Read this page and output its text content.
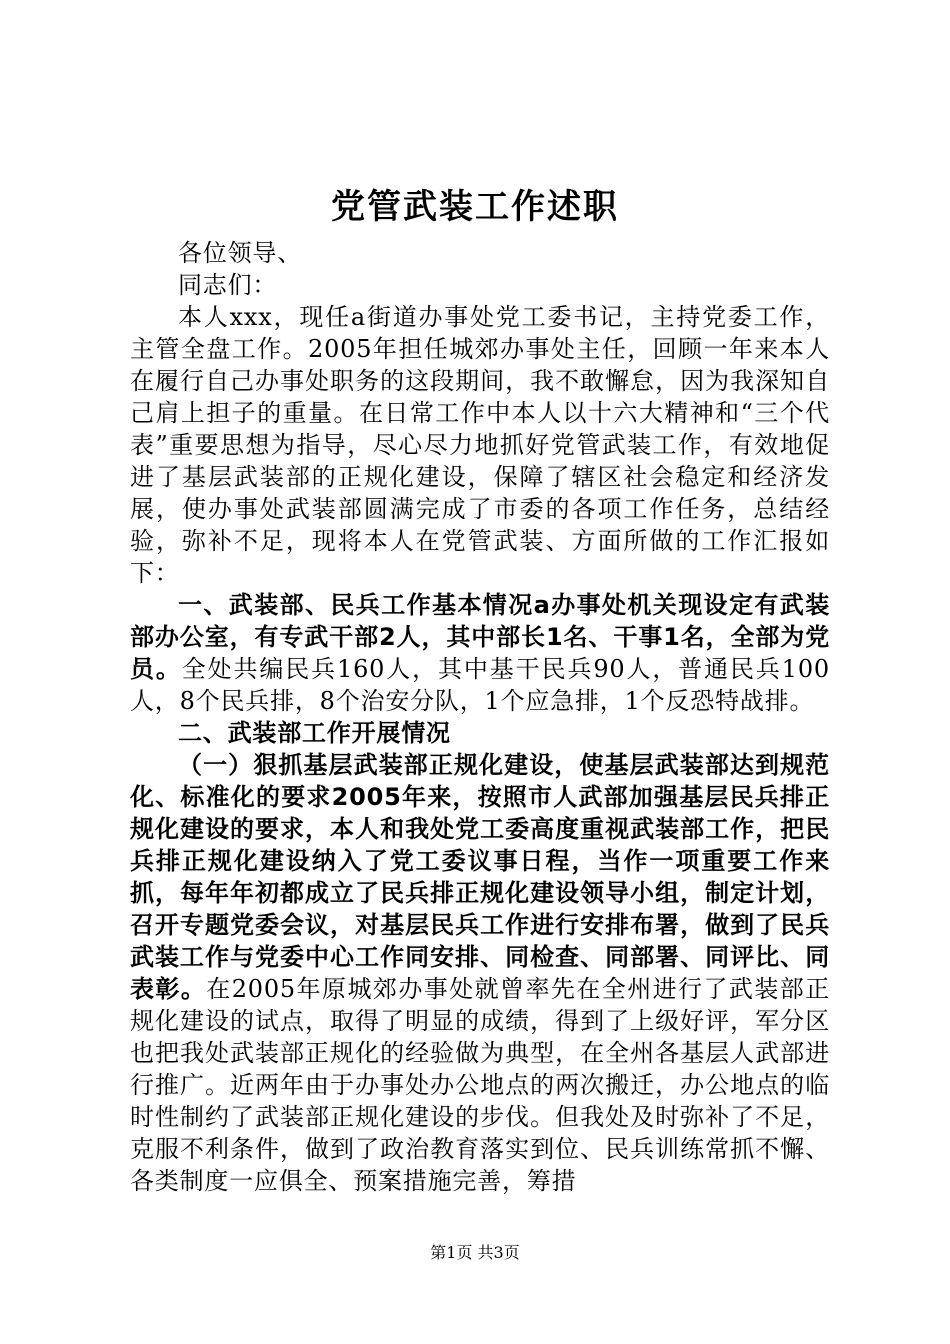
党管武装工作述职

各位领导、

同志们：

本人xxx，现任a街道办事处党工委书记，主持党委工作，主管全盘工作。2005年担任城郊办事处主任，回顾一年来本人在履行自己办事处职务的这段期间，我不敢懈怠，因为我深知自己肩上担子的重量。在日常工作中本人以十六大精神和“三个代表”重要思想为指导，尽心尽力地抓好党管武装工作，有效地促进了基层武装部的正规化建设，保障了辖区社会稳定和经济发展，使办事处武装部圆满完成了市委的各项工作任务，总结经验，弥补不足，现将本人在党管武装、方面所做的工作汇报如下：

一、武装部、民兵工作基本情况a办事处机关现设定有武装部办公室，有专武干部2人，其中部长1名、干事1名，全部为党员。全处共编民兵160人，其中基干民兵90人，普通民兵100人，8个民兵排，8个治安分队，1个应急排，1个反恐特战排。

二、武装部工作开展情况

（一）狠抓基层武装部正规化建设，使基层武装部达到规范化、标准化的要求2005年来，按照市人武部加强基层民兵排正规化建设的要求，本人和我处党工委高度重视武装部工作，把民兵排正规化建设纳入了党工委议事日程，当作一项重要工作来抓，每年年初都成立了民兵排正规化建设领导小组，制定计划，召开专题党委会议，对基层民兵工作进行安排布署，做到了民兵武装工作与党委中心工作同安排、同检查、同部署、同评比、同表彰。在2005年原城郊办事处就曾率先在全州进行了武装部正规化建设的试点，取得了明显的成绩，得到了上级好评，军分区也把我处武装部正规化的经验做为典型，在全州各基层人武部进行推广。近两年由于办事处办公地点的两次搬迁，办公地点的临时性制约了武装部正规化建设的步伐。但我处及时弥补了不足，克服不利条件，做到了政治教育落实到位、民兵训练常抓不懈、各类制度一应俱全、预案措施完善，筹措

第1页 共3页
